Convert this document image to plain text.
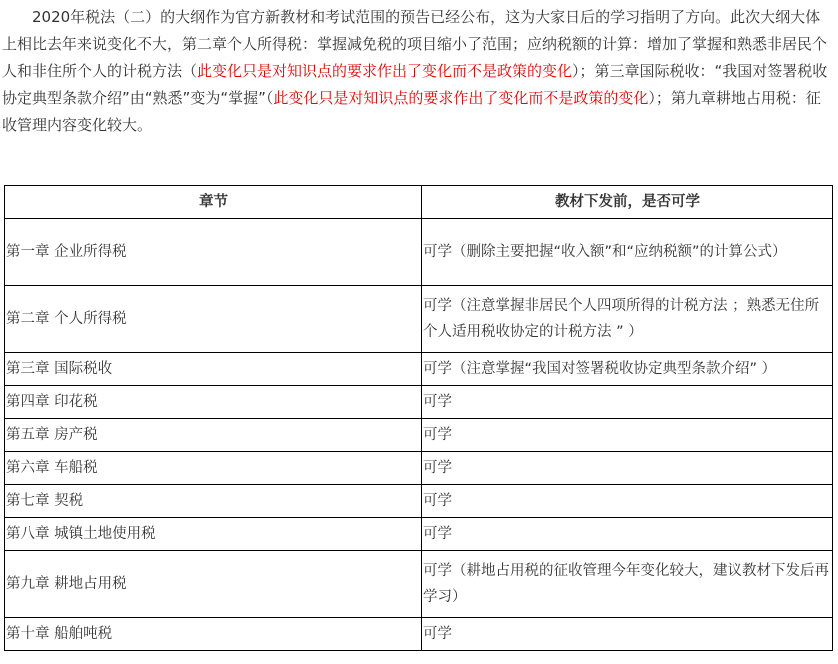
2020年税法（二）的大纲作为官方新教材和考试范围的预告已经公布，这为大家日后的学习指明了方向。此次大纲大体上相比去年来说变化不大，第二章个人所得税：掌握减免税的项目缩小了范围；应纳税额的计算：增加了掌握和熟悉非居民个人和非住所个人的计税方法（此变化只是对知识点的要求作出了变化而不是政策的变化）；第三章国际税收：“我国对签署税收协定典型条款介绍”由“熟悉”变为“掌握”（此变化只是对知识点的要求作出了变化而不是政策的变化）；第九章耕地占用税：征收管理内容变化较大。

章节	教材下发前，是否可学
第一章 企业所得税	可学（删除主要把握“收入额”和“应纳税额”的计算公式）
第二章 个人所得税	可学（注意掌握非居民个人四项所得的计税方法 ；熟悉无住所个人适用税收协定的计税方法 ” ）
第三章 国际税收	可学（注意掌握“我国对签署税收协定典型条款介绍” ）
第四章 印花税	可学
第五章 房产税	可学
第六章 车船税	可学
第七章 契税	可学
第八章 城镇土地使用税	可学
第九章 耕地占用税	可学（耕地占用税的征收管理今年变化较大，建议教材下发后再学习）
第十章 船舶吨税	可学
